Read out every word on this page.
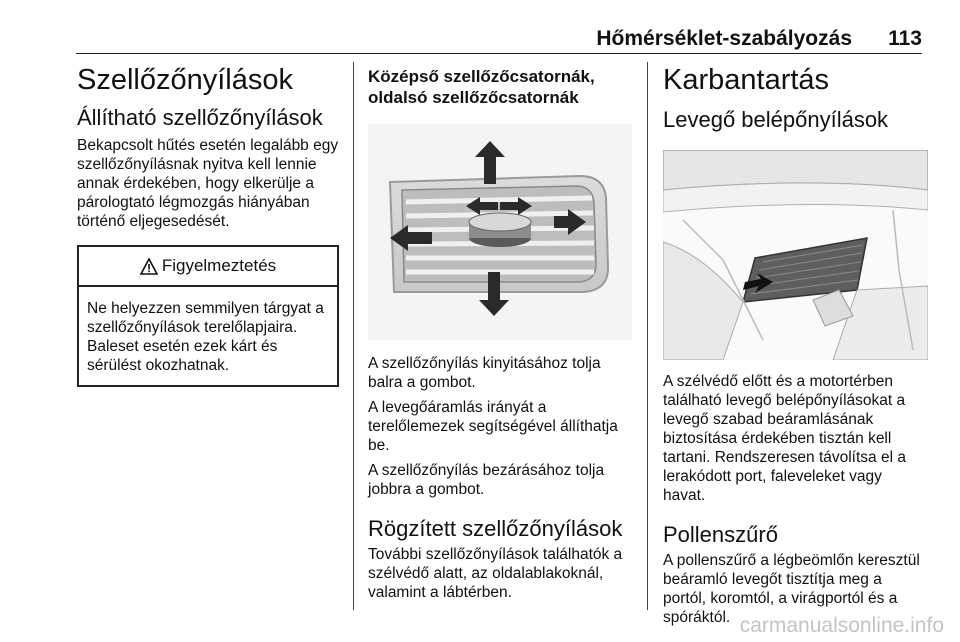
Hőmérséklet-szabályozás 113
Szellőzőnyílások
Állítható szellőzőnyílások

Bekapcsolt hűtés esetén legalább egy szellőzőnyílásnak nyitva kell lennie annak érdekében, hogy elkerülje a párologtató légmozgás hiányában történő eljegesedését.

Figyelmeztetés

Ne helyezzen semmilyen tárgyat a szellőzőnyílások terelőlapjaira. Baleset esetén ezek kárt és sérülést okozhatnak.

Középső szellőzőcsatornák, oldalsó szellőzőcsatornák

A szellőzőnyílás kinyitásához tolja balra a gombot.

A levegőáramlás irányát a terelőlemezek segítségével állíthatja be.

A szellőzőnyílás bezárásához tolja jobbra a gombot.

Rögzített szellőzőnyílások

További szellőzőnyílások találhatók a szélvédő alatt, az oldalablakoknál, valamint a lábtérben.

Karbantartás
Levegő belépőnyílások

A szélvédő előtt és a motortérben található levegő belépőnyílásokat a levegő szabad beáramlásának biztosítása érdekében tisztán kell tartani. Rendszeresen távolítsa el a lerakódott port, faleveleket vagy havat.

Pollenszűrő

A pollenszűrő a légbeömlőn keresztül beáramló levegőt tisztítja meg a portól, koromtól, a virágportól és a spóráktól. carmanualsonline.info
